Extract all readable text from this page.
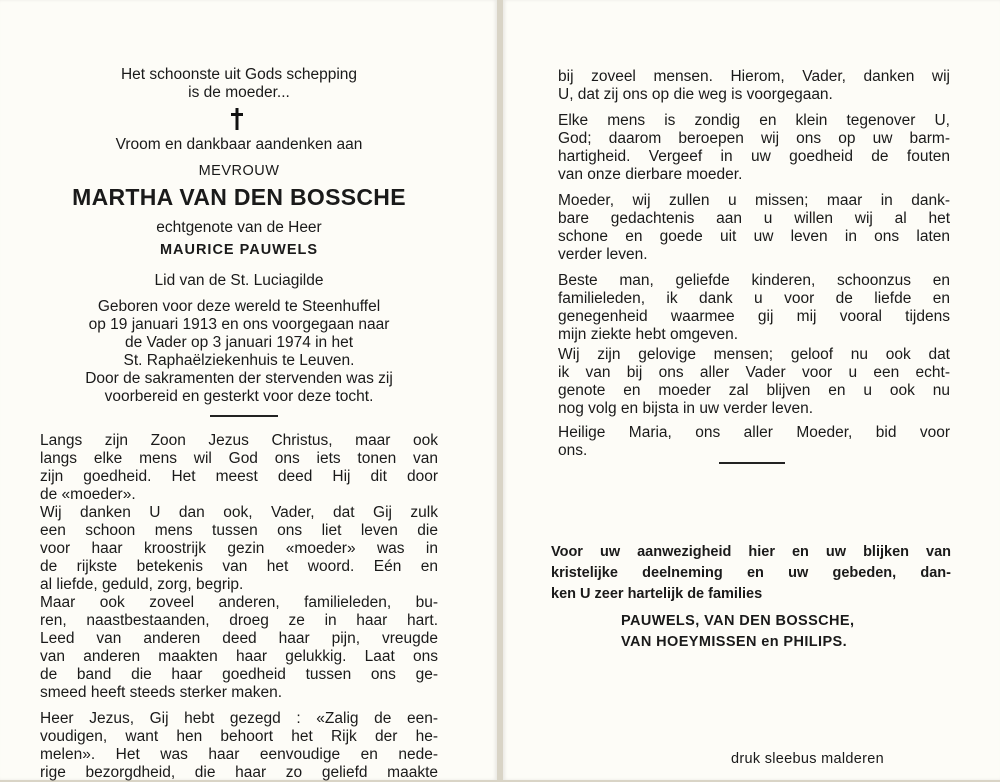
Het schoonste uit Gods schepping
is de moeder...
Vroom en dankbaar aandenken aan
MEVROUW
MARTHA VAN DEN BOSSCHE
echtgenote van de Heer
MAURICE PAUWELS
Lid van de St. Luciagilde
Geboren voor deze wereld te Steenhuffel
op 19 januari 1913 en ons voorgegaan naar
de Vader op 3 januari 1974 in het
St. Raphaëlziekenhuis te Leuven.
Door de sakramenten der stervenden was zij
voorbereid en gesterkt voor deze tocht.
Langs zijn Zoon Jezus Christus, maar ook
langs elke mens wil God ons iets tonen van
zijn goedheid. Het meest deed Hij dit door
de «moeder».
Wij danken U dan ook, Vader, dat Gij zulk
een schoon mens tussen ons liet leven die
voor haar kroostrijk gezin «moeder» was in
de rijkste betekenis van het woord. Eén en
al liefde, geduld, zorg, begrip.
Maar ook zoveel anderen, familieleden, bu-
ren, naastbestaanden, droeg ze in haar hart.
Leed van anderen deed haar pijn, vreugde
van anderen maakten haar gelukkig. Laat ons
de band die haar goedheid tussen ons ge-
smeed heeft steeds sterker maken.
Heer Jezus, Gij hebt gezegd : «Zalig de een-
voudigen, want hen behoort het Rijk der he-
melen». Het was haar eenvoudige en nede-
rige bezorgdheid, die haar zo geliefd maakte
bij zoveel mensen. Hierom, Vader, danken wij
U, dat zij ons op die weg is voorgegaan.
Elke mens is zondig en klein tegenover U,
God; daarom beroepen wij ons op uw barm-
hartigheid. Vergeef in uw goedheid de fouten
van onze dierbare moeder.
Moeder, wij zullen u missen; maar in dank-
bare gedachtenis aan u willen wij al het
schone en goede uit uw leven in ons laten
verder leven.
Beste man, geliefde kinderen, schoonzus en
familieleden, ik dank u voor de liefde en
genegenheid waarmee gij mij vooral tijdens
mijn ziekte hebt omgeven.
Wij zijn gelovige mensen; geloof nu ook dat
ik van bij ons aller Vader voor u een echt-
genote en moeder zal blijven en u ook nu
nog volg en bijsta in uw verder leven.
Heilige Maria, ons aller Moeder, bid voor
ons.
Voor uw aanwezigheid hier en uw blijken van
kristelijke deelneming en uw gebeden, dan-
ken U zeer hartelijk de families
PAUWELS, VAN DEN BOSSCHE,
VAN HOEYMISSEN en PHILIPS.
druk sleebus malderen
